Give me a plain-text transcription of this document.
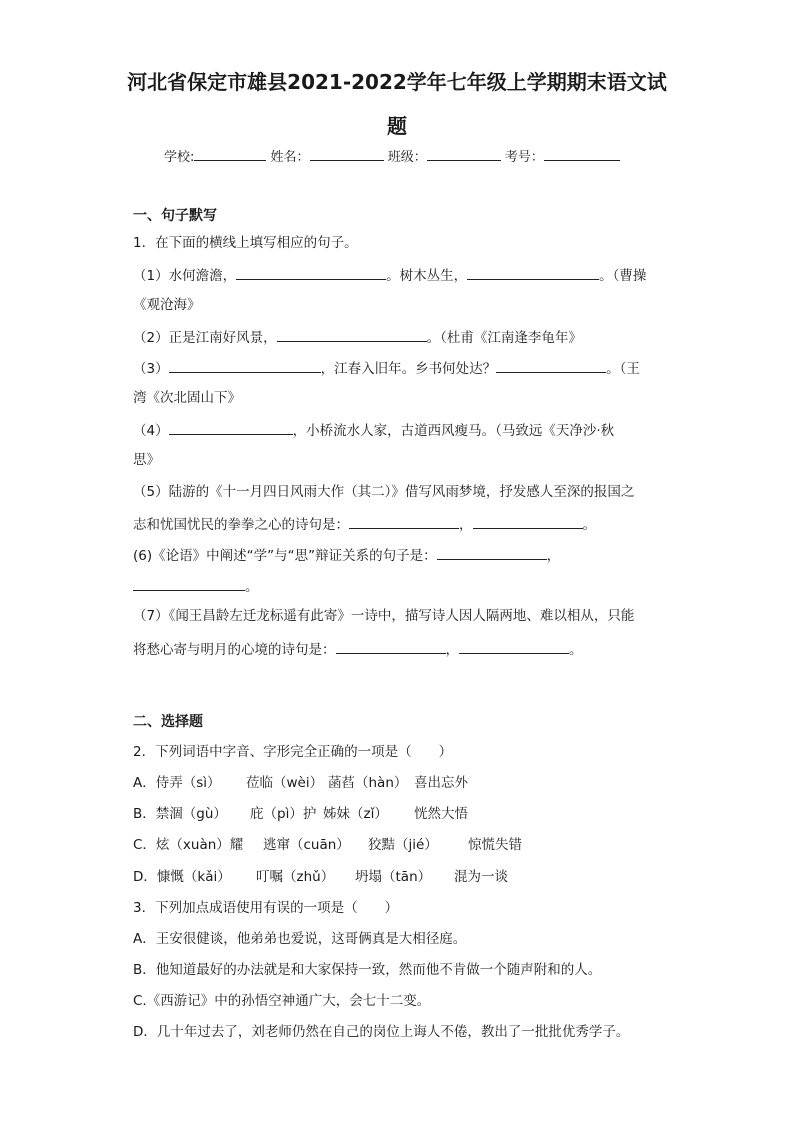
河北省保定市雄县2021-2022学年七年级上学期期末语文试
题
学校:	姓名：	班级：	考号：
一、句子默写
1．在下面的横线上填写相应的句子。
（1）水何澹澹，	。树木丛生，	。（曹操
《观沧海》
（2）正是江南好风景，	。（杜甫《江南逢李龟年》
（3）	，江春入旧年。乡书何处达？	。（王
湾《次北固山下》
（4）	，小桥流水人家，古道西风瘦马。（马致远《天净沙·秋
思》
（5）陆游的《十一月四日风雨大作（其二）》借写风雨梦境，抒发感人至深的报国之
志和忧国忧民的拳拳之心的诗句是：	，	。
(6)《论语》中阐述“学”与“思”辩证关系的句子是：	，
。
（7）《闻王昌龄左迁龙标遥有此寄》一诗中，描写诗人因人隔两地、难以相从，只能
将愁心寄与明月的心境的诗句是：	，	。
二、选择题
2．下列词语中字音、字形完全正确的一项是（　　）
A．侍弄（sì） 莅临（wèi） 菡萏（hàn） 喜出忘外
B．禁涸（gù） 庇（pì）护 姊妹（zǐ） 恍然大悟
C．炫（xuàn）耀 逃窜（cuān） 狡黠（jié） 惊慌失错
D．慷慨（kǎi） 叮嘱（zhǔ） 坍塌（tān） 混为一谈
3．下列加点成语使用有误的一项是（　　）
A．王安很健谈，他弟弟也爱说，这哥俩真是大相径庭。
B．他知道最好的办法就是和大家保持一致，然而他不肯做一个随声附和的人。
C.《西游记》中的孙悟空神通广大，会七十二变。
D．几十年过去了，刘老师仍然在自己的岗位上诲人不倦，教出了一批批优秀学子。
